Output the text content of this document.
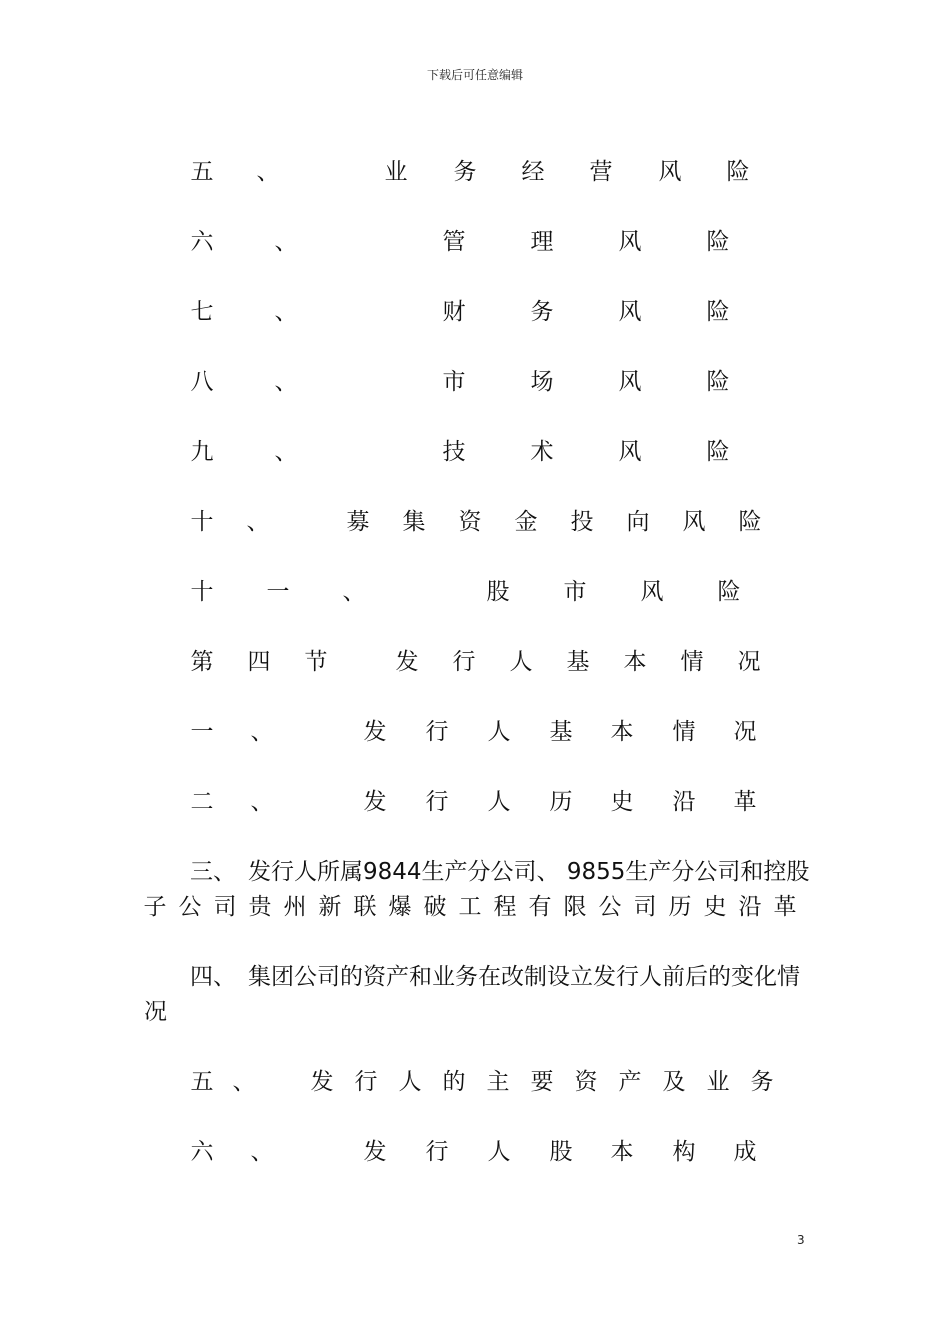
下载后可任意编辑
五 、	业 务 经 营 风 险
六	、	管	理	风	险
七	、	财	务	风	险
八	、	市	场	风	险
九	、	技	术	风	险
十 、	募 集 资 金 投 向 风 险
十 一 、	股 市 风 险
第 四 节	发 行 人 基 本 情 况
一 、	发 行 人 基 本 情 况
二 、	发 行 人 历 史 沿 革
三、 发行人所属9844生产分公司、 9855生产分公司和控股
子 公 司 贵 州 新 联 爆 破 工 程 有 限 公 司 历 史 沿 革
四、 集团公司的资产和业务在改制设立发行人前后的变化情
况
五 、 发 行 人 的 主 要 资 产 及 业 务
六 、	发 行 人 股 本 构 成
3
